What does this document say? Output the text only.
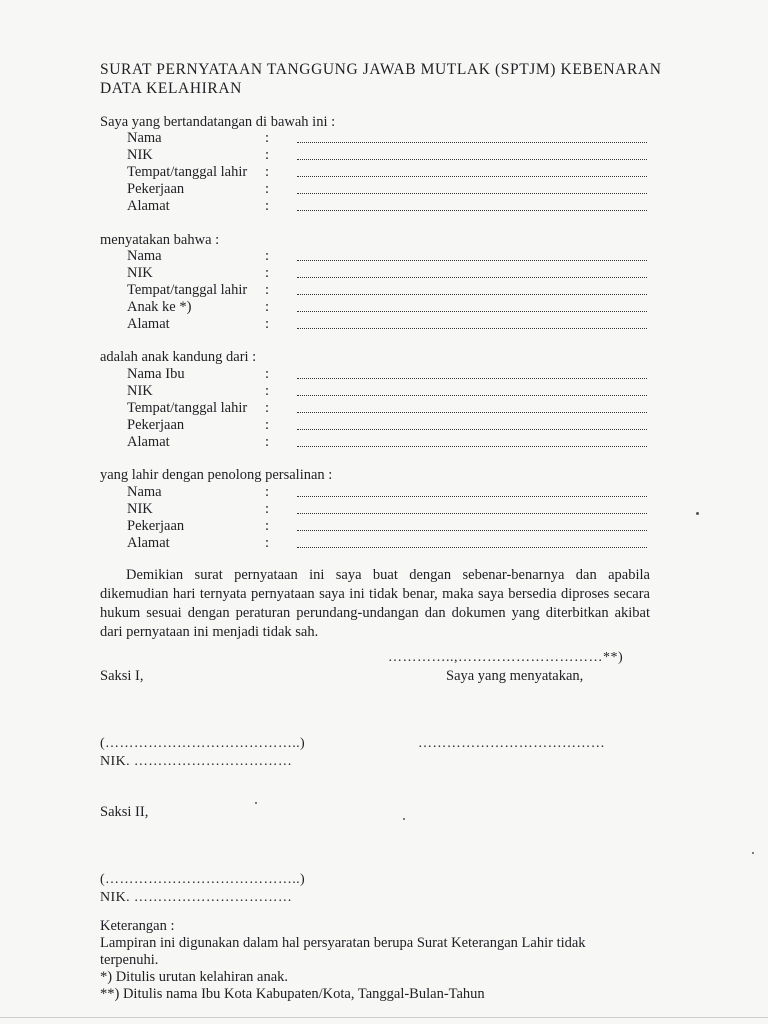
SURAT PERNYATAAN TANGGUNG JAWAB MUTLAK (SPTJM) KEBENARAN
DATA KELAHIRAN
Saya yang bertandatangan di bawah ini :
Nama	:
NIK	:
Tempat/tanggal lahir :
Pekerjaan	:
Alamat	:
menyatakan bahwa :
Nama	:
NIK	:
Tempat/tanggal lahir :
Anak ke *)	:
Alamat	:
adalah anak kandung dari :
Nama Ibu	:
NIK	:
Tempat/tanggal lahir :
Pekerjaan	:
Alamat	:
yang lahir dengan penolong persalinan :
Nama	:
NIK	:
Pekerjaan	:
Alamat	:
Demikian surat pernyataan ini saya buat dengan sebenar-benarnya dan apabila dikemudian hari ternyata pernyataan saya ini tidak benar, maka saya bersedia diproses secara hukum sesuai dengan peraturan perundang-undangan dan dokumen yang diterbitkan akibat dari pernyataan ini menjadi tidak sah.
…………..,…………………………**)
Saksi I,	Saya yang menyatakan,
(…………………………………..)	…………………………………
NIK. ……………………………
Saksi II,
(…………………………………..)
NIK. ……………………………
Keterangan :
Lampiran ini digunakan dalam hal persyaratan berupa Surat Keterangan Lahir tidak
terpenuhi.
*) Ditulis urutan kelahiran anak.
**) Ditulis nama Ibu Kota Kabupaten/Kota, Tanggal-Bulan-Tahun
